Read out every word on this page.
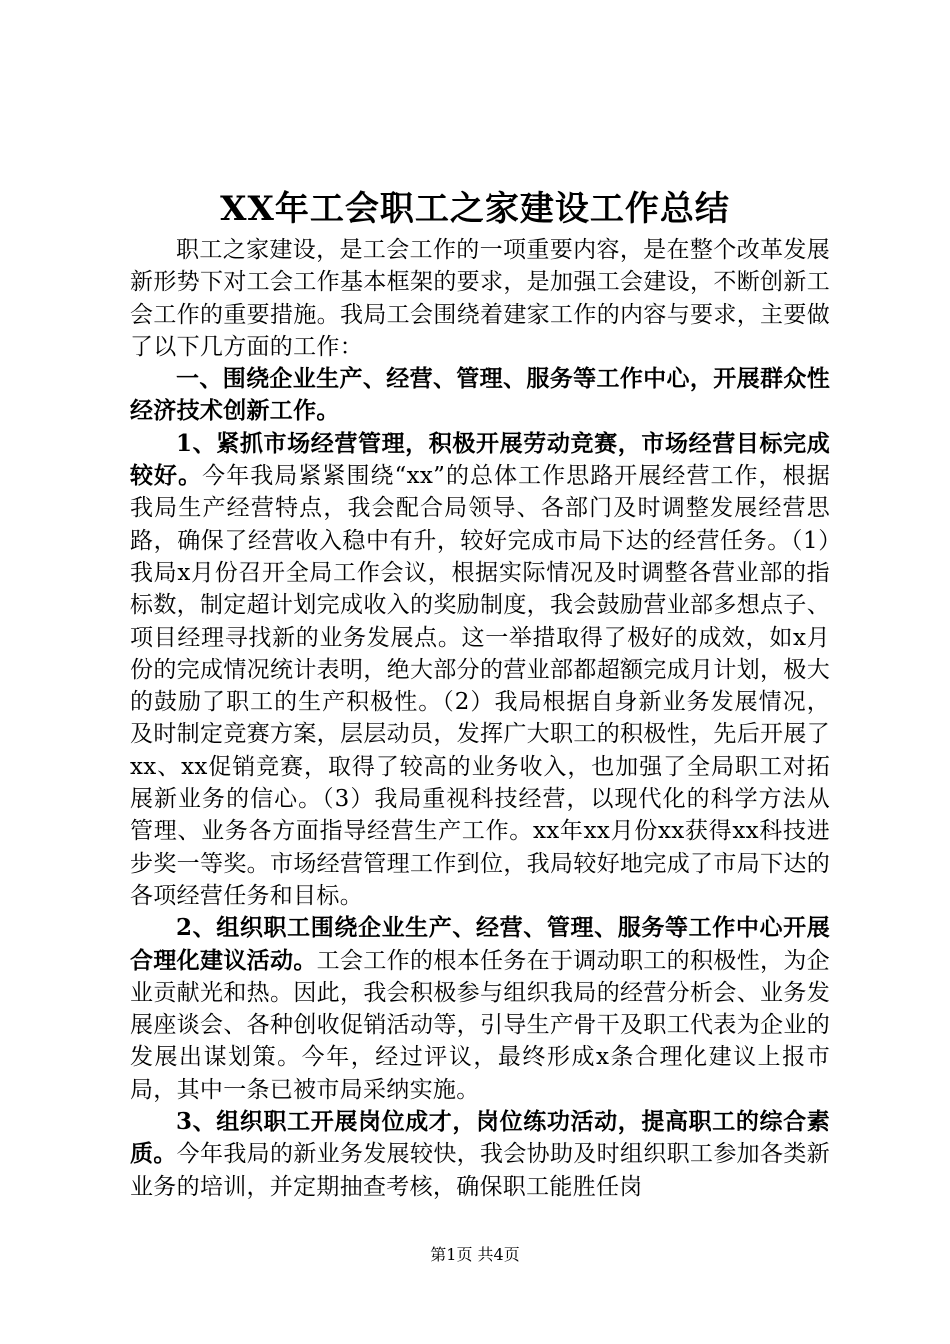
XX年工会职工之家建设工作总结

职工之家建设，是工会工作的一项重要内容，是在整个改革发展新形势下对工会工作基本框架的要求，是加强工会建设，不断创新工会工作的重要措施。我局工会围绕着建家工作的内容与要求，主要做了以下几方面的工作：

一、围绕企业生产、经营、管理、服务等工作中心，开展群众性经济技术创新工作。

1、紧抓市场经营管理，积极开展劳动竞赛，市场经营目标完成较好。今年我局紧紧围绕“xx”的总体工作思路开展经营工作，根据我局生产经营特点，我会配合局领导、各部门及时调整发展经营思路，确保了经营收入稳中有升，较好完成市局下达的经营任务。（1）我局x月份召开全局工作会议，根据实际情况及时调整各营业部的指标数，制定超计划完成收入的奖励制度，我会鼓励营业部多想点子、项目经理寻找新的业务发展点。这一举措取得了极好的成效，如x月份的完成情况统计表明，绝大部分的营业部都超额完成月计划，极大的鼓励了职工的生产积极性。（2）我局根据自身新业务发展情况，及时制定竞赛方案，层层动员，发挥广大职工的积极性，先后开展了xx、xx促销竞赛，取得了较高的业务收入，也加强了全局职工对拓展新业务的信心。（3）我局重视科技经营，以现代化的科学方法从管理、业务各方面指导经营生产工作。xx年xx月份xx获得xx科技进步奖一等奖。市场经营管理工作到位，我局较好地完成了市局下达的各项经营任务和目标。

2、组织职工围绕企业生产、经营、管理、服务等工作中心开展合理化建议活动。工会工作的根本任务在于调动职工的积极性，为企业贡献光和热。因此，我会积极参与组织我局的经营分析会、业务发展座谈会、各种创收促销活动等，引导生产骨干及职工代表为企业的发展出谋划策。今年，经过评议，最终形成x条合理化建议上报市局，其中一条已被市局采纳实施。

3、组织职工开展岗位成才，岗位练功活动，提高职工的综合素质。今年我局的新业务发展较快，我会协助及时组织职工参加各类新业务的培训，并定期抽查考核，确保职工能胜任岗

第1页 共4页
